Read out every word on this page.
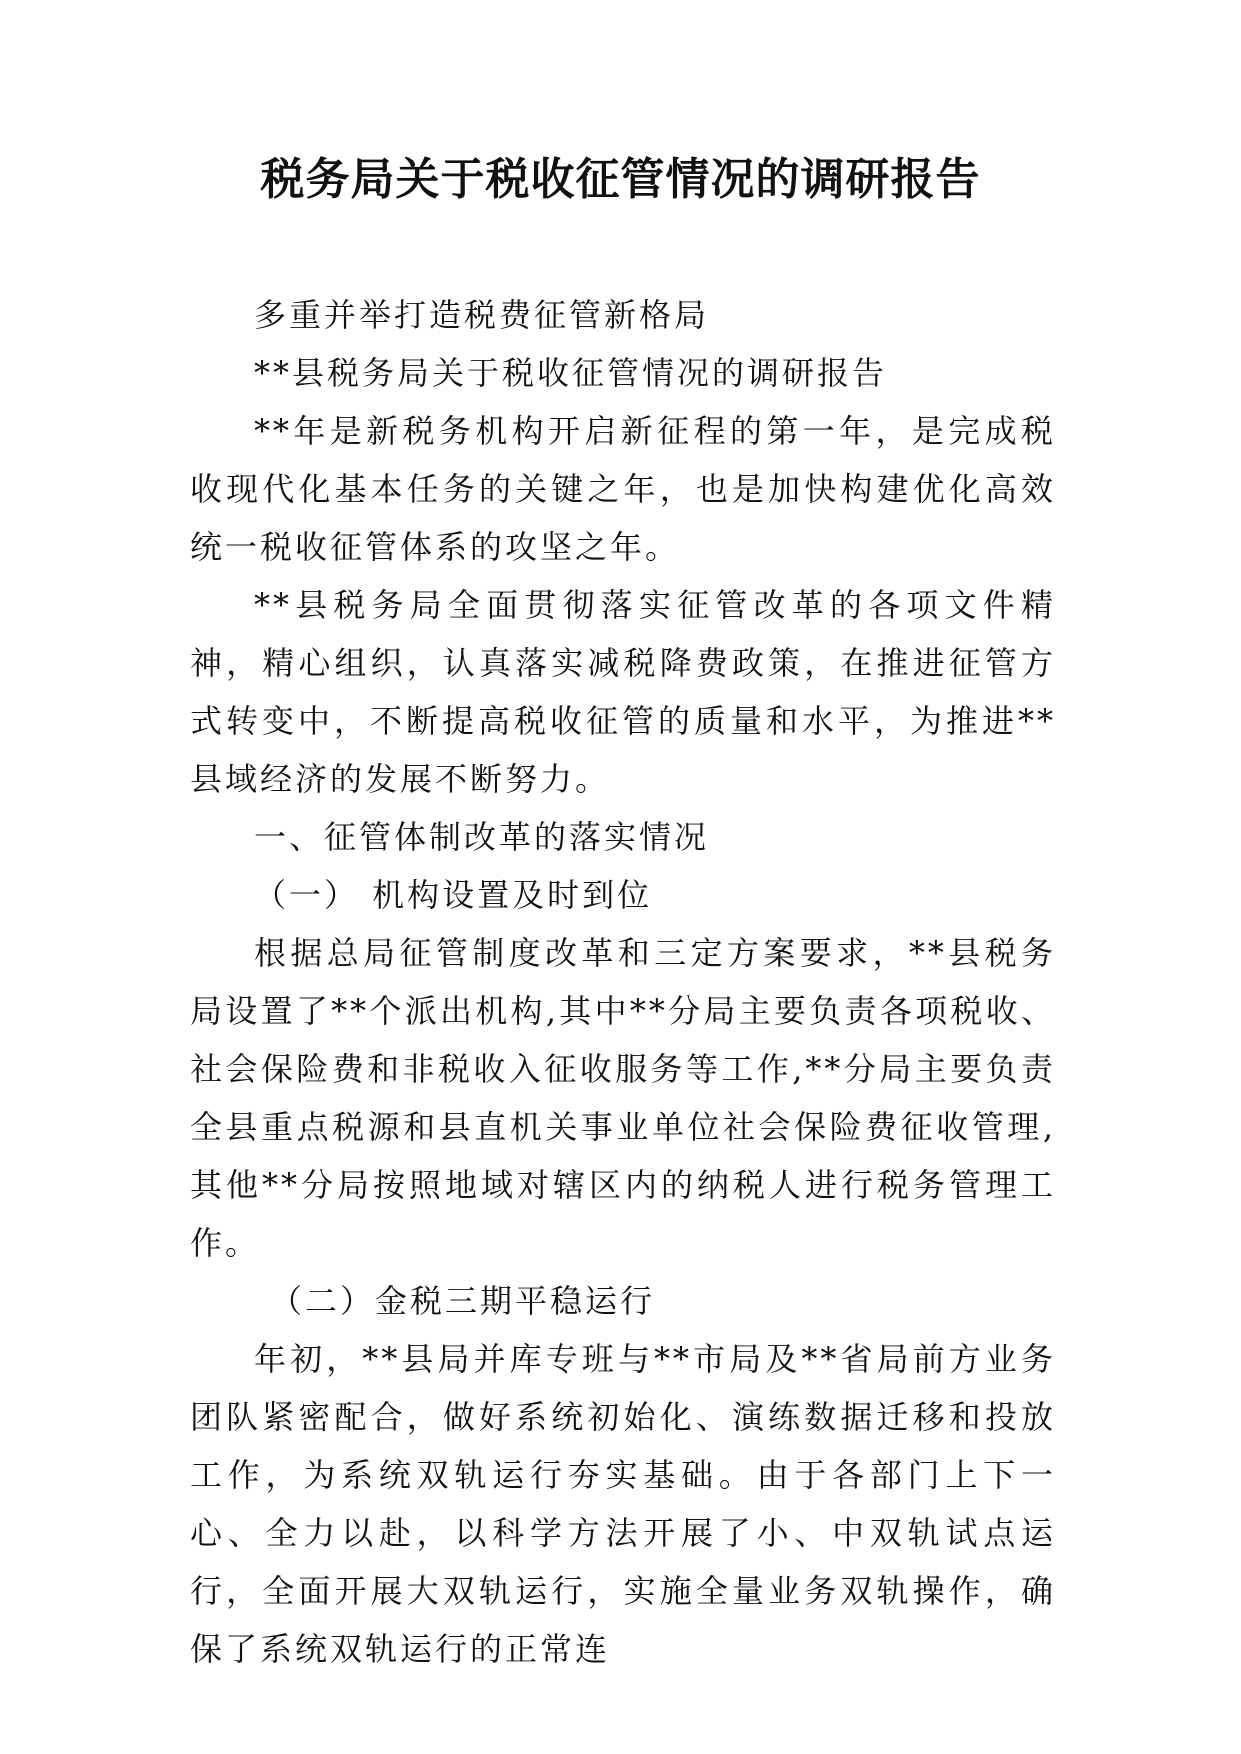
税务局关于税收征管情况的调研报告

多重并举打造税费征管新格局

**县税务局关于税收征管情况的调研报告

**年是新税务机构开启新征程的第一年，是完成税收现代化基本任务的关键之年，也是加快构建优化高效统一税收征管体系的攻坚之年。

**县税务局全面贯彻落实征管改革的各项文件精神，精心组织，认真落实减税降费政策，在推进征管方式转变中，不断提高税收征管的质量和水平，为推进**县域经济的发展不断努力。

一、征管体制改革的落实情况

（一） 机构设置及时到位

根据总局征管制度改革和三定方案要求，**县税务局设置了**个派出机构,其中**分局主要负责各项税收、社会保险费和非税收入征收服务等工作,**分局主要负责全县重点税源和县直机关事业单位社会保险费征收管理,其他**分局按照地域对辖区内的纳税人进行税务管理工作。

（二）金税三期平稳运行

年初，**县局并库专班与**市局及**省局前方业务团队紧密配合，做好系统初始化、演练数据迁移和投放工作，为系统双轨运行夯实基础。由于各部门上下一心、全力以赴，以科学方法开展了小、中双轨试点运行，全面开展大双轨运行，实施全量业务双轨操作，确保了系统双轨运行的正常连
